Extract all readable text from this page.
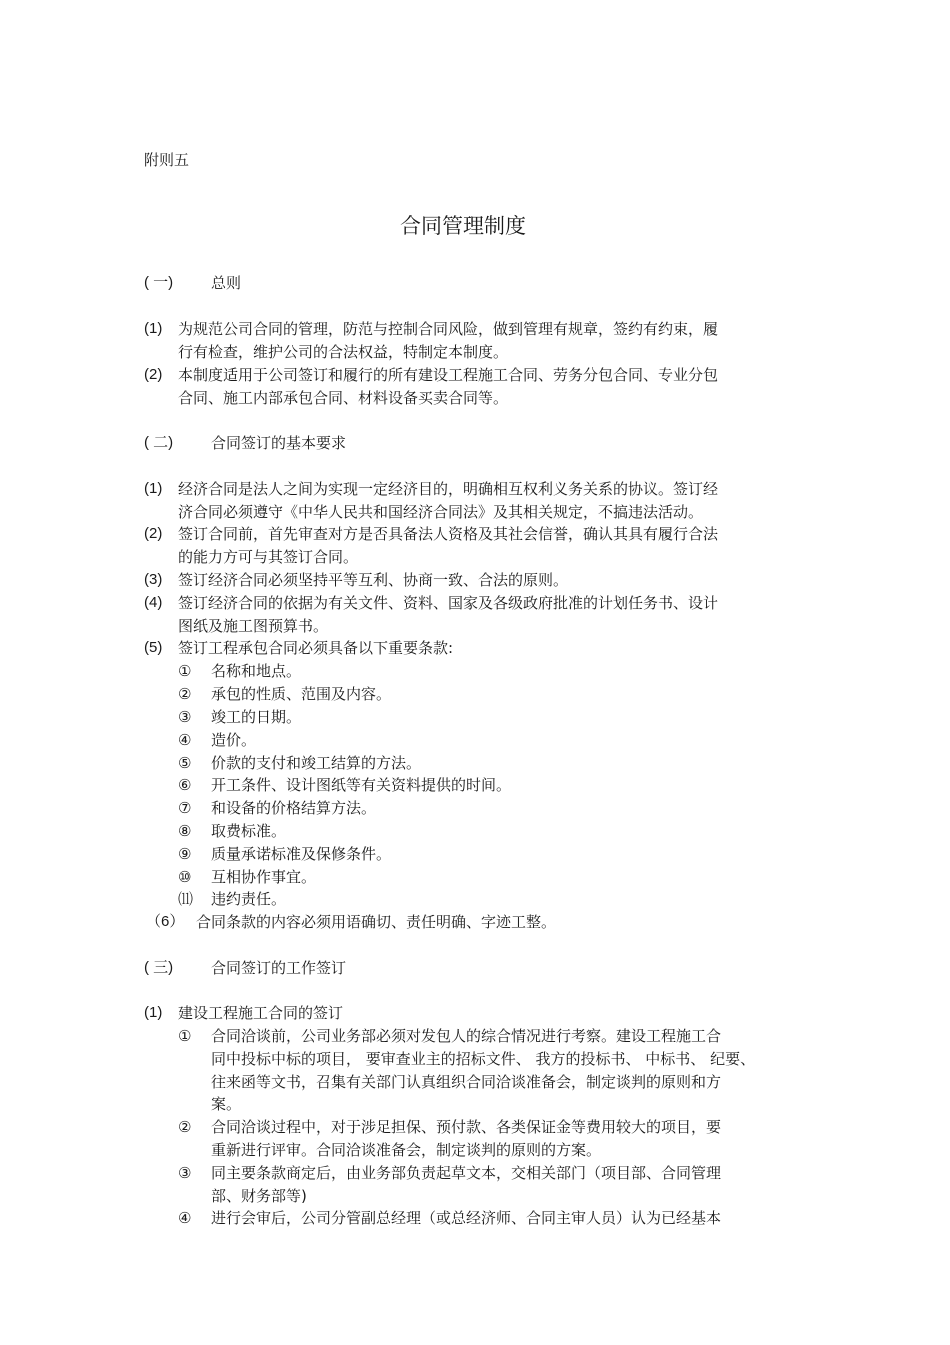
附则五
合同管理制度
( 一)	总则
(1) 为规范公司合同的管理，防范与控制合同风险，做到管理有规章，签约有约束，履
行有检查，维护公司的合法权益，特制定本制度。
(2) 本制度适用于公司签订和履行的所有建设工程施工合同、劳务分包合同、专业分包
合同、施工内部承包合同、材料设备买卖合同等。
( 二)	合同签订的基本要求
(1) 经济合同是法人之间为实现一定经济目的，明确相互权利义务关系的协议。签订经
济合同必须遵守《中华人民共和国经济合同法》及其相关规定，不搞违法活动。
(2) 签订合同前，首先审查对方是否具备法人资格及其社会信誉，确认其具有履行合法
的能力方可与其签订合同。
(3) 签订经济合同必须坚持平等互利、协商一致、合法的原则。
(4) 签订经济合同的依据为有关文件、资料、国家及各级政府批准的计划任务书、设计
图纸及施工图预算书。
(5) 签订工程承包合同必须具备以下重要条款:
① 名称和地点。
② 承包的性质、范围及内容。
③ 竣工的日期。
④ 造价。
⑤ 价款的支付和竣工结算的方法。
⑥ 开工条件、设计图纸等有关资料提供的时间。
⑦ 和设备的价格结算方法。
⑧ 取费标准。
⑨ 质量承诺标准及保修条件。
⑩ 互相协作事宜。
⑾ 违约责任。
（6） 合同条款的内容必须用语确切、责任明确、字迹工整。
( 三)	合同签订的工作签订
(1) 建设工程施工合同的签订
① 合同洽谈前，公司业务部必须对发包人的综合情况进行考察。建设工程施工合
同中投标中标的项目， 要审查业主的招标文件、 我方的投标书、 中标书、 纪要、
往来函等文书，召集有关部门认真组织合同洽谈准备会，制定谈判的原则和方
案。
② 合同洽谈过程中，对于涉足担保、预付款、各类保证金等费用较大的项目，要
重新进行评审。合同洽谈准备会，制定谈判的原则的方案。
③ 同主要条款商定后，由业务部负责起草文本，交相关部门（项目部、合同管理
部、财务部等)
④ 进行会审后，公司分管副总经理（或总经济师、合同主审人员）认为已经基本
